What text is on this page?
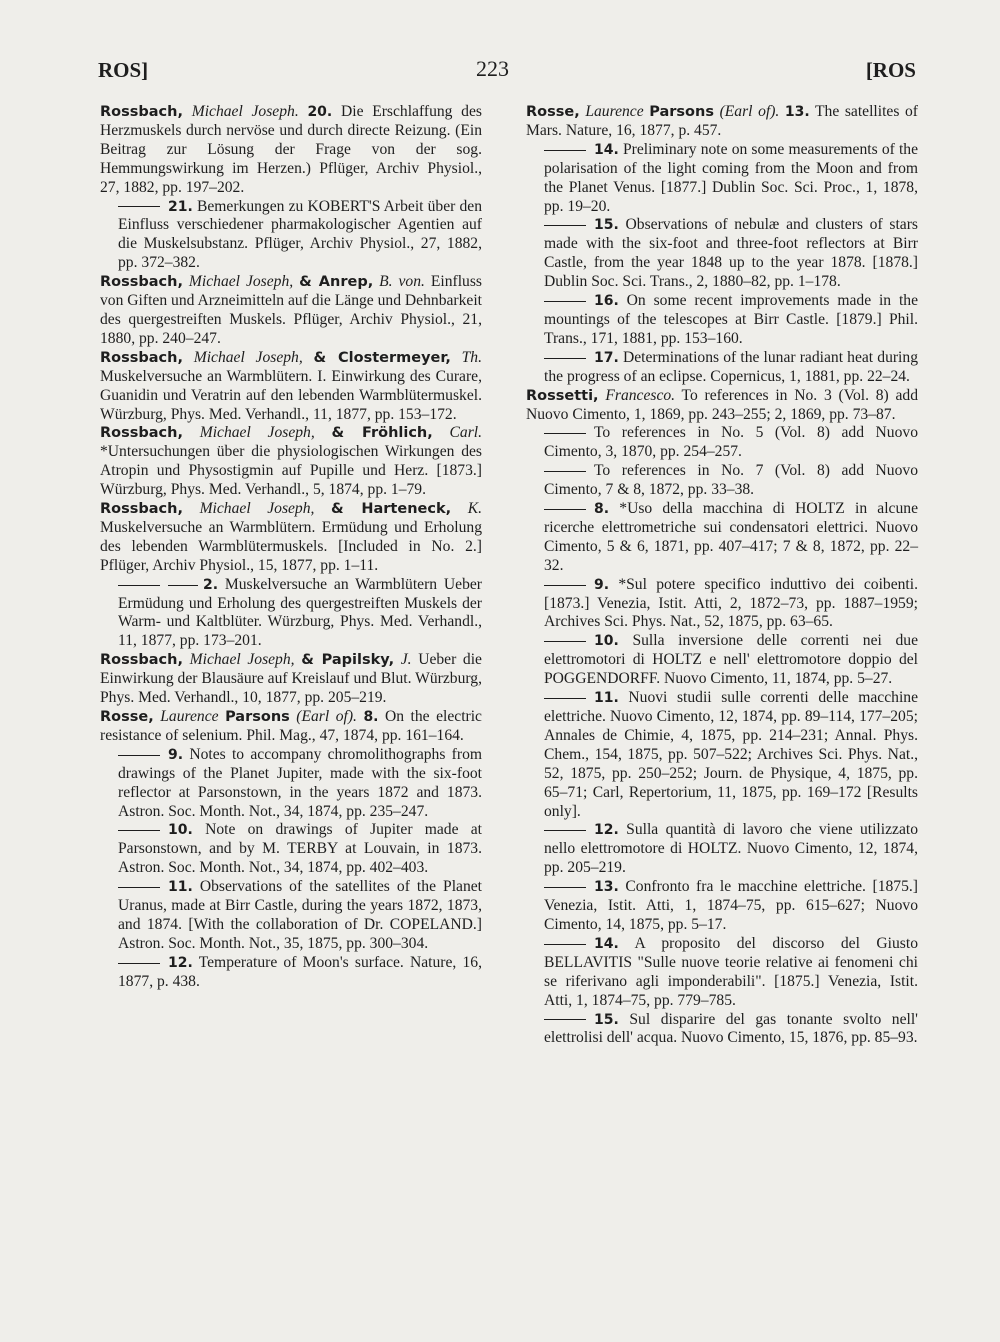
ROS]	223	[ROS
Rossbach, Michael Joseph. 20. Die Erschlaffung des Herzmuskels durch nervöse und durch directe Reizung. (Ein Beitrag zur Lösung der Frage von der sog. Hemmungswirkung im Herzen.) Pflüger, Archiv Physiol., 27, 1882, pp. 197–202.
21. Bemerkungen zu KOBERT'S Arbeit über den Einfluss verschiedener pharmakologischer Agentien auf die Muskelsubstanz. Pflüger, Archiv Physiol., 27, 1882, pp. 372–382.
Rossbach, Michael Joseph, & Anrep, B. von. Einfluss von Giften und Arzneimitteln auf die Länge und Dehnbarkeit des quergestreiften Muskels. Pflüger, Archiv Physiol., 21, 1880, pp. 240–247.
Rossbach, Michael Joseph, & Clostermeyer, Th. Muskelversuche an Warmblütern. I. Einwirkung des Curare, Guanidin und Veratrin auf den lebenden Warmblütermuskel. Würzburg, Phys. Med. Verhandl., 11, 1877, pp. 153–172.
Rossbach, Michael Joseph, & Fröhlich, Carl. *Untersuchungen über die physiologischen Wirkungen des Atropin und Physostigmin auf Pupille und Herz. [1873.] Würzburg, Phys. Med. Verhandl., 5, 1874, pp. 1–79.
Rossbach, Michael Joseph, & Harteneck, K. Muskelversuche an Warmblütern. Ermüdung und Erholung des lebenden Warmblütermuskels. [Included in No. 2.] Pflüger, Archiv Physiol., 15, 1877, pp. 1–11.
2. Muskelversuche an Warmblütern Ueber Ermüdung und Erholung des quergestreiften Muskels der Warm- und Kaltblüter. Würzburg, Phys. Med. Verhandl., 11, 1877, pp. 173–201.
Rossbach, Michael Joseph, & Papilsky, J. Ueber die Einwirkung der Blausäure auf Kreislauf und Blut. Würzburg, Phys. Med. Verhandl., 10, 1877, pp. 205–219.
Rosse, Laurence Parsons (Earl of). 8. On the electric resistance of selenium. Phil. Mag., 47, 1874, pp. 161–164.
9. Notes to accompany chromolithographs from drawings of the Planet Jupiter, made with the six-foot reflector at Parsonstown, in the years 1872 and 1873. Astron. Soc. Month. Not., 34, 1874, pp. 235–247.
10. Note on drawings of Jupiter made at Parsonstown, and by M. TERBY at Louvain, in 1873. Astron. Soc. Month. Not., 34, 1874, pp. 402–403.
11. Observations of the satellites of the Planet Uranus, made at Birr Castle, during the years 1872, 1873, and 1874. [With the collaboration of Dr. COPELAND.] Astron. Soc. Month. Not., 35, 1875, pp. 300–304.
12. Temperature of Moon's surface. Nature, 16, 1877, p. 438.
Rosse, Laurence Parsons (Earl of). 13. The satellites of Mars. Nature, 16, 1877, p. 457.
14. Preliminary note on some measurements of the polarisation of the light coming from the Moon and from the Planet Venus. [1877.] Dublin Soc. Sci. Proc., 1, 1878, pp. 19–20.
15. Observations of nebulæ and clusters of stars made with the six-foot and three-foot reflectors at Birr Castle, from the year 1848 up to the year 1878. [1878.] Dublin Soc. Sci. Trans., 2, 1880–82, pp. 1–178.
16. On some recent improvements made in the mountings of the telescopes at Birr Castle. [1879.] Phil. Trans., 171, 1881, pp. 153–160.
17. Determinations of the lunar radiant heat during the progress of an eclipse. Copernicus, 1, 1881, pp. 22–24.
Rossetti, Francesco. To references in No. 3 (Vol. 8) add Nuovo Cimento, 1, 1869, pp. 243–255; 2, 1869, pp. 73–87.
To references in No. 5 (Vol. 8) add Nuovo Cimento, 3, 1870, pp. 254–257.
To references in No. 7 (Vol. 8) add Nuovo Cimento, 7 & 8, 1872, pp. 33–38.
8. *Uso della macchina di HOLTZ in alcune ricerche elettrometriche sui condensatori elettrici. Nuovo Cimento, 5 & 6, 1871, pp. 407–417; 7 & 8, 1872, pp. 22–32.
9. *Sul potere specifico induttivo dei coibenti. [1873.] Venezia, Istit. Atti, 2, 1872–73, pp. 1887–1959; Archives Sci. Phys. Nat., 52, 1875, pp. 63–65.
10. Sulla inversione delle correnti nei due elettromotori di HOLTZ e nell' elettromotore doppio del POGGENDORFF. Nuovo Cimento, 11, 1874, pp. 5–27.
11. Nuovi studii sulle correnti delle macchine elettriche. Nuovo Cimento, 12, 1874, pp. 89–114, 177–205; Annales de Chimie, 4, 1875, pp. 214–231; Annal. Phys. Chem., 154, 1875, pp. 507–522; Archives Sci. Phys. Nat., 52, 1875, pp. 250–252; Journ. de Physique, 4, 1875, pp. 65–71; Carl, Repertorium, 11, 1875, pp. 169–172 [Results only].
12. Sulla quantità di lavoro che viene utilizzato nello elettromotore di HOLTZ. Nuovo Cimento, 12, 1874, pp. 205–219.
13. Confronto fra le macchine elettriche. [1875.] Venezia, Istit. Atti, 1, 1874–75, pp. 615–627; Nuovo Cimento, 14, 1875, pp. 5–17.
14. A proposito del discorso del Giusto BELLAVITIS "Sulle nuove teorie relative ai fenomeni chi se riferivano agli imponderabili". [1875.] Venezia, Istit. Atti, 1, 1874–75, pp. 779–785.
15. Sul disparire del gas tonante svolto nell' elettrolisi dell' acqua. Nuovo Cimento, 15, 1876, pp. 85–93.
